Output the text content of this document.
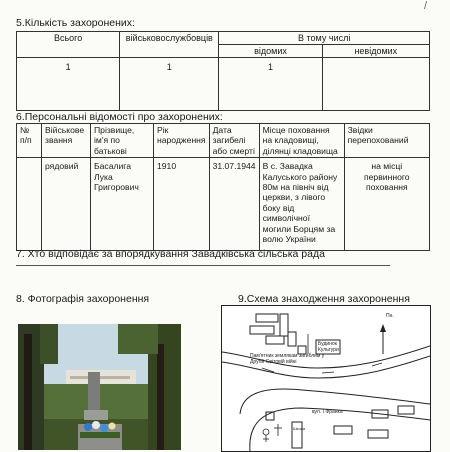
/
5.Кількість захоронених:
Всього	військовослужбовців	В тому числі	
		відомих	невідомих
1	1	1	
6.Персональні відомості про захоронених:
№ п/п	Військове звання	Прізвище, ім'я по батькові	Рік народження	Дата загибелі або смерті	Місце поховання на кладовищі, ділянці кладовища	Звідки перепохований
	рядовий	Басалига Лука Григорович	1910	31.07.1944	В с. Завадка Калуського району 80м на північ від церкви, з лівого боку від символічної могили Борцям за волю України	на місці первинного поховання
7. Хто відповідає за впорядкування Завадківська сільська рада
8. Фотографія захоронення	9.Схема знаходження захоронення
Пн.
Будинок Культури
Пам'ятник землякам загиблим у Другій Світовій війні
вул. І Франка
Школа
